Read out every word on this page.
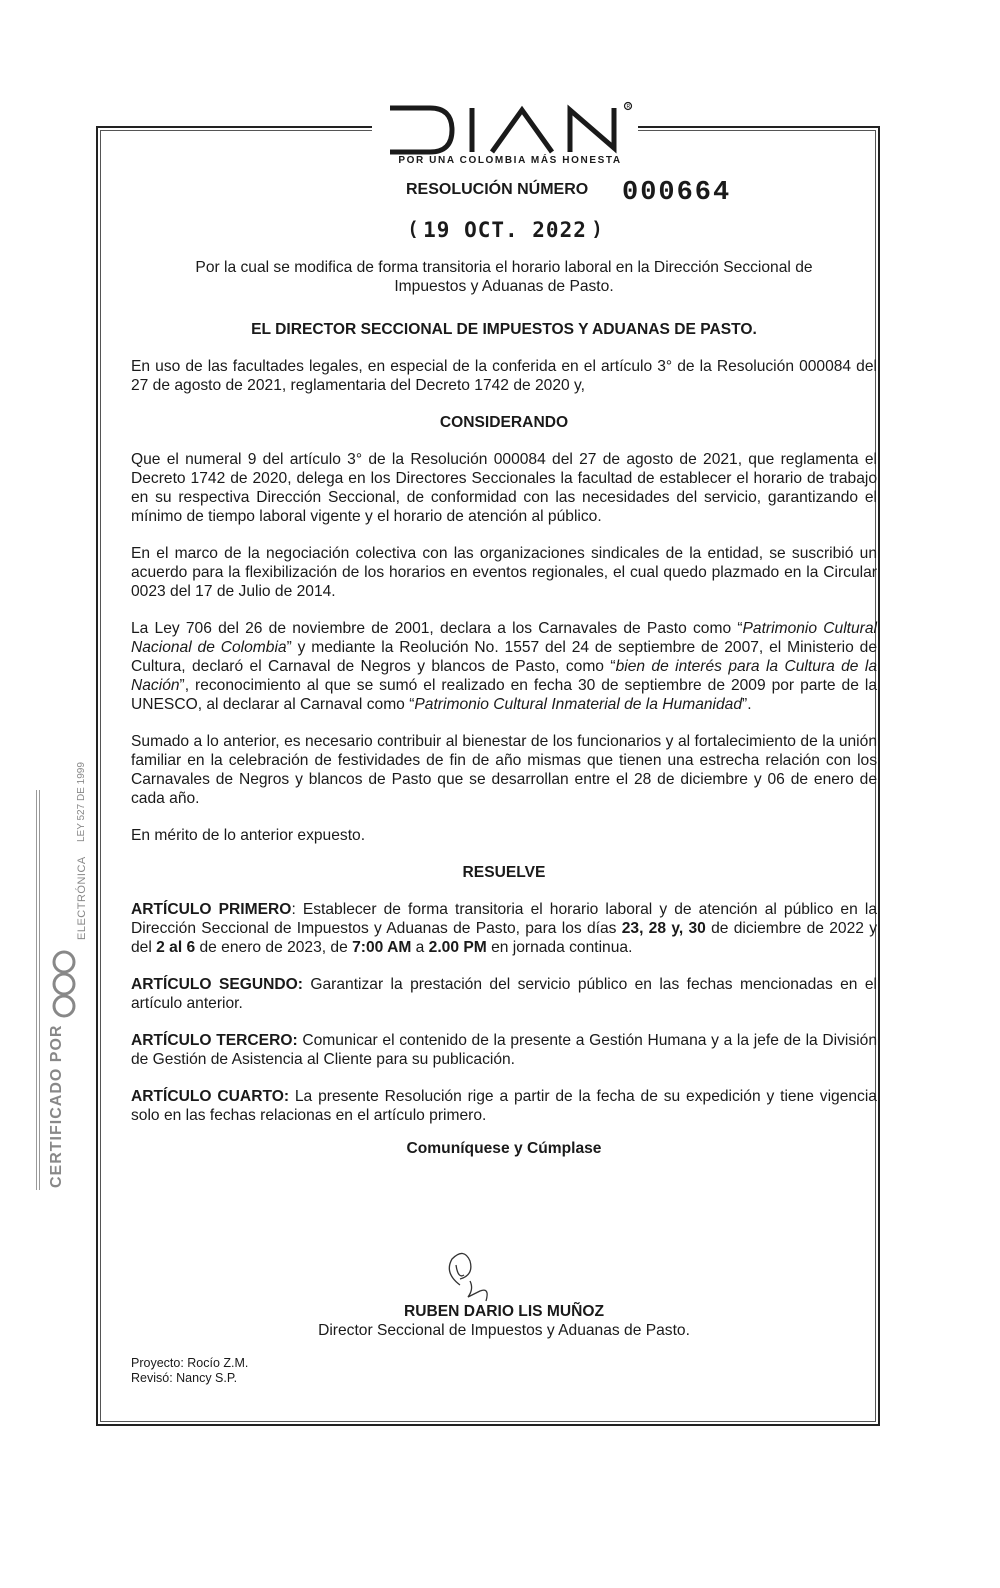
R
POR UNA COLOMBIA MÁS HONESTA
RESOLUCIÓN NÚMERO 000664
( 19 OCT. 2022 )

Por la cual se modifica de forma transitoria el horario laboral en la Dirección Seccional de Impuestos y Aduanas de Pasto.

EL DIRECTOR SECCIONAL DE IMPUESTOS Y ADUANAS DE PASTO.

En uso de las facultades legales, en especial de la conferida en el artículo 3° de la Resolución 000084 del 27 de agosto de 2021, reglamentaria del Decreto 1742 de 2020 y,

CONSIDERANDO

Que el numeral 9 del artículo 3° de la Resolución 000084 del 27 de agosto de 2021, que reglamenta el Decreto 1742 de 2020, delega en los Directores Seccionales la facultad de establecer el horario de trabajo en su respectiva Dirección Seccional, de conformidad con las necesidades del servicio, garantizando el mínimo de tiempo laboral vigente y el horario de atención al público.

En el marco de la negociación colectiva con las organizaciones sindicales de la entidad, se suscribió un acuerdo para la flexibilización de los horarios en eventos regionales, el cual quedo plazmado en la Circular 0023 del 17 de Julio de 2014.

La Ley 706 del 26 de noviembre de 2001, declara a los Carnavales de Pasto como “Patrimonio Cultural Nacional de Colombia” y mediante la Reolución No. 1557 del 24 de septiembre de 2007, el Ministerio de Cultura, declaró el Carnaval de Negros y blancos de Pasto, como “bien de interés para la Cultura de la Nación”, reconocimiento al que se sumó el realizado en fecha 30 de septiembre de 2009 por parte de la UNESCO, al declarar al Carnaval como “Patrimonio Cultural Inmaterial de la Humanidad”.

Sumado a lo anterior, es necesario contribuir al bienestar de los funcionarios y al fortalecimiento de la unión familiar en la celebración de festividades de fin de año mismas que tienen una estrecha relación con los Carnavales de Negros y blancos de Pasto que se desarrollan entre el 28 de diciembre y 06 de enero de cada año.

En mérito de lo anterior expuesto.

RESUELVE

ARTÍCULO PRIMERO: Establecer de forma transitoria el horario laboral y de atención al público en la Dirección Seccional de Impuestos y Aduanas de Pasto, para los días 23, 28 y, 30 de diciembre de 2022 y del 2 al 6 de enero de 2023, de 7:00 AM a 2.00 PM en jornada continua.

ARTÍCULO SEGUNDO: Garantizar la prestación del servicio público en las fechas mencionadas en el artículo anterior.

ARTÍCULO TERCERO: Comunicar el contenido de la presente a Gestión Humana y a la jefe de la División de Gestión de Asistencia al Cliente para su publicación.

ARTÍCULO CUARTO: La presente Resolución rige a partir de la fecha de su expedición y tiene vigencia solo en las fechas relacionas en el artículo primero.

Comuníquese y Cúmplase

RUBEN DARIO LIS MUÑOZ
Director Seccional de Impuestos y Aduanas de Pasto.
Proyecto: Rocío Z.M.
Revisó: Nancy S.P.
CERTIFICADO POR
ELECTRÓNICA
LEY 527 DE 1999
